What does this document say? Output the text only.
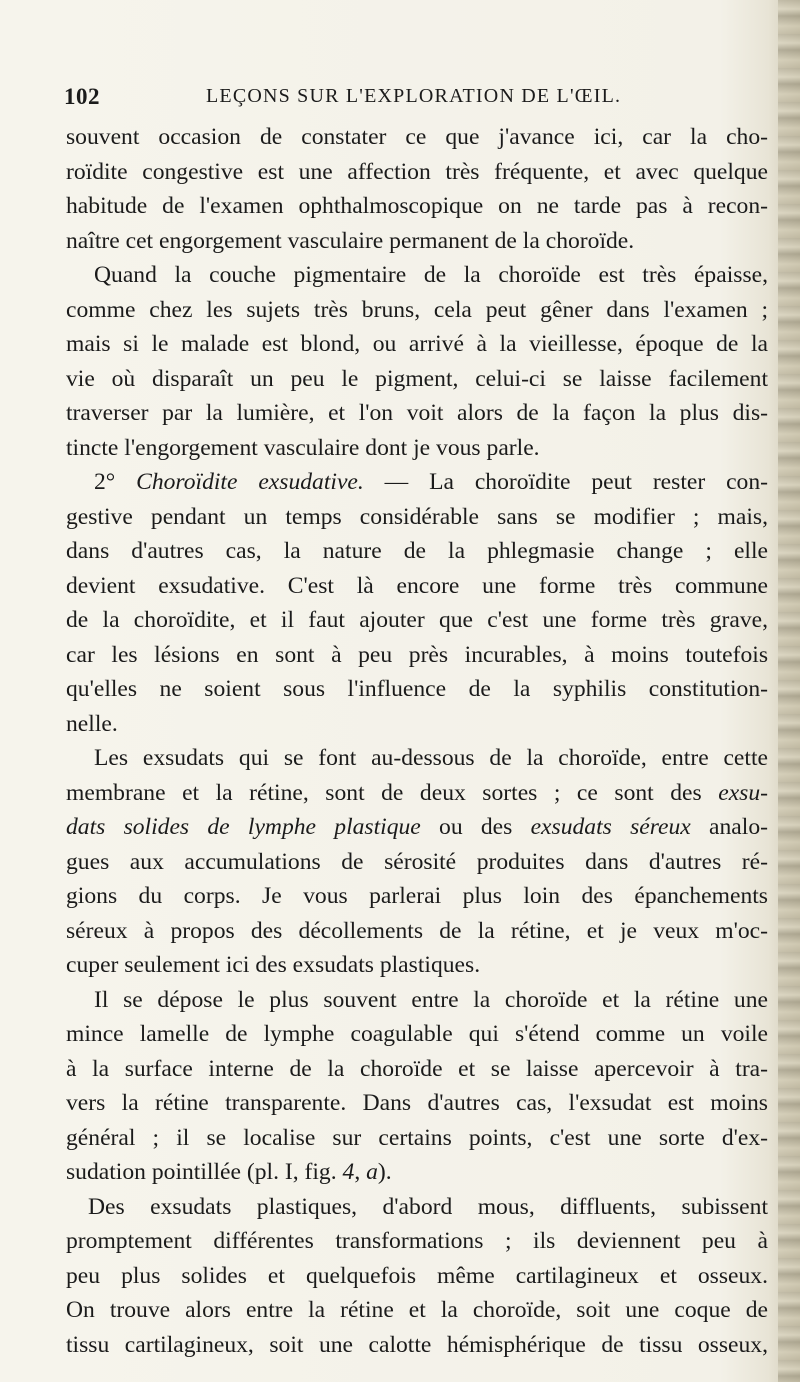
102	LEÇONS SUR L'EXPLORATION DE L'ŒIL.
souvent occasion de constater ce que j'avance ici, car la cho-
roïdite congestive est une affection très fréquente, et avec quelque
habitude de l'examen ophthalmoscopique on ne tarde pas à recon-
naître cet engorgement vasculaire permanent de la choroïde.
Quand la couche pigmentaire de la choroïde est très épaisse,
comme chez les sujets très bruns, cela peut gêner dans l'examen ;
mais si le malade est blond, ou arrivé à la vieillesse, époque de la
vie où disparaît un peu le pigment, celui-ci se laisse facilement
traverser par la lumière, et l'on voit alors de la façon la plus dis-
tincte l'engorgement vasculaire dont je vous parle.
2° Choroïdite exsudative. — La choroïdite peut rester con-
gestive pendant un temps considérable sans se modifier ; mais,
dans d'autres cas, la nature de la phlegmasie change ; elle
devient exsudative. C'est là encore une forme très commune
de la choroïdite, et il faut ajouter que c'est une forme très grave,
car les lésions en sont à peu près incurables, à moins toutefois
qu'elles ne soient sous l'influence de la syphilis constitution-
nelle.
Les exsudats qui se font au-dessous de la choroïde, entre cette
membrane et la rétine, sont de deux sortes ; ce sont des exsu-
dats solides de lymphe plastique ou des exsudats séreux analo-
gues aux accumulations de sérosité produites dans d'autres ré-
gions du corps. Je vous parlerai plus loin des épanchements
séreux à propos des décollements de la rétine, et je veux m'oc-
cuper seulement ici des exsudats plastiques.
Il se dépose le plus souvent entre la choroïde et la rétine une
mince lamelle de lymphe coagulable qui s'étend comme un voile
à la surface interne de la choroïde et se laisse apercevoir à tra-
vers la rétine transparente. Dans d'autres cas, l'exsudat est moins
général ; il se localise sur certains points, c'est une sorte d'ex-
sudation pointillée (pl. I, fig. 4, a).
Des exsudats plastiques, d'abord mous, diffluents, subissent
promptement différentes transformations ; ils deviennent peu à
peu plus solides et quelquefois même cartilagineux et osseux.
On trouve alors entre la rétine et la choroïde, soit une coque de
tissu cartilagineux, soit une calotte hémisphérique de tissu osseux,
